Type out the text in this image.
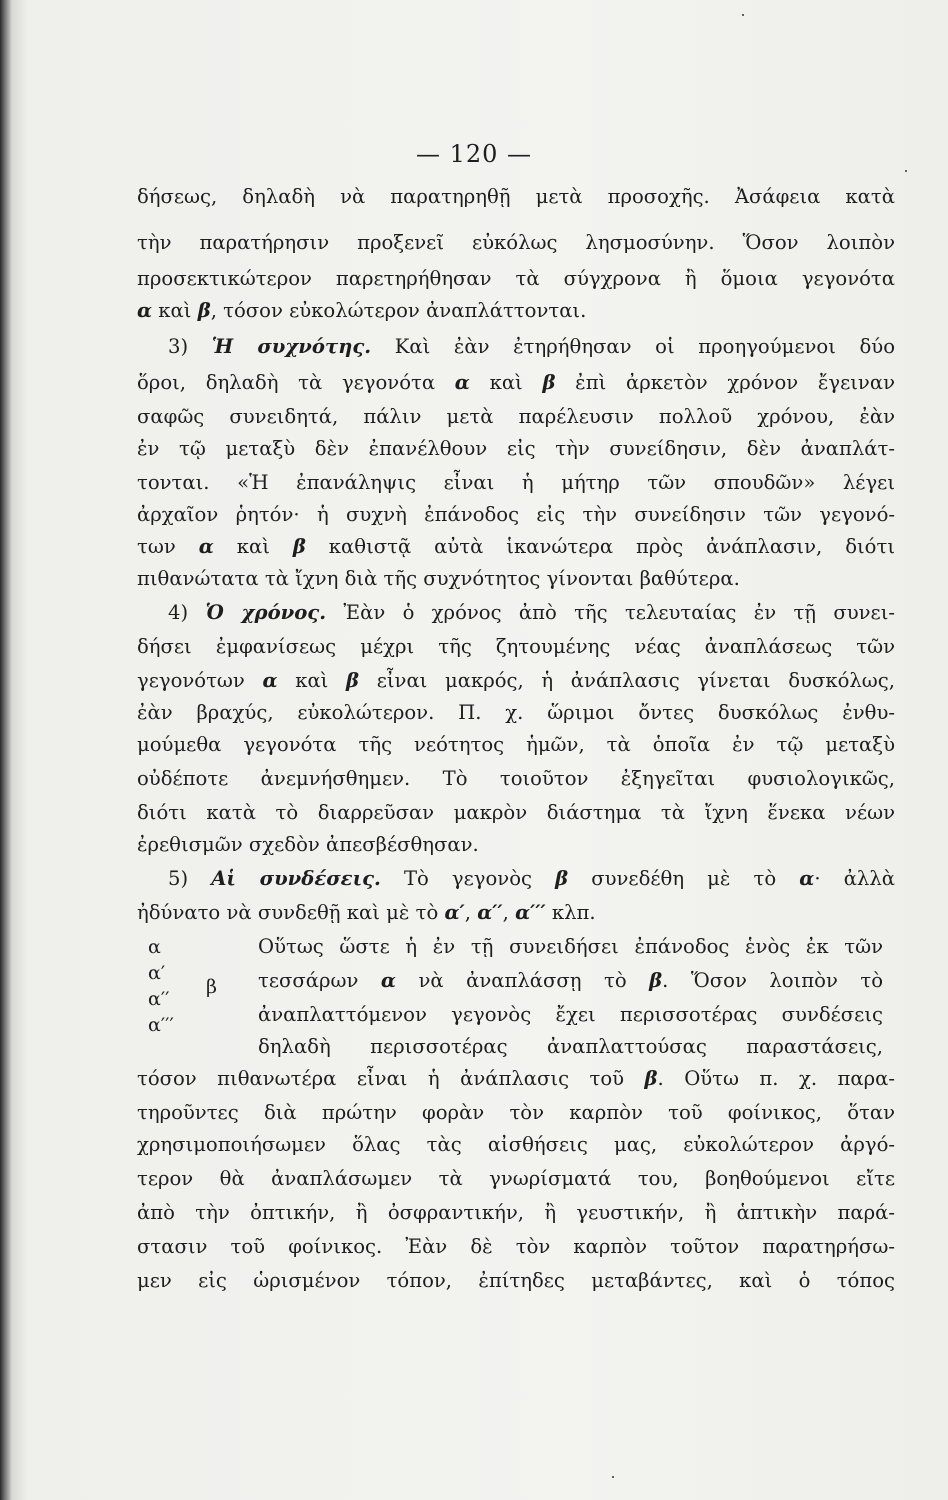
— 120 —
δήσεως, δηλαδὴ νὰ παρατηρηθῇ μετὰ προσοχῆς. Ἀσάφεια κατὰ
τὴν παρατήρησιν προξενεῖ εὐκόλως λησμοσύνην. Ὅσον λοιπὸν
προσεκτικώτερον παρετηρήθησαν τὰ σύγχρονα ἢ ὅμοια γεγονότα
α καὶ β, τόσον εὐκολώτερον ἀναπλάττονται.
3) Ἡ συχνότης. Καὶ ἐὰν ἐτηρήθησαν οἱ προηγούμενοι δύο
ὅροι, δηλαδὴ τὰ γεγονότα α καὶ β ἐπὶ ἀρκετὸν χρόνον ἔγειναν
σαφῶς συνειδητά, πάλιν μετὰ παρέλευσιν πολλοῦ χρόνου, ἐὰν
ἐν τῷ μεταξὺ δὲν ἐπανέλθουν εἰς τὴν συνείδησιν, δὲν ἀναπλάτ-
τονται. «Ἡ ἐπανάληψις εἶναι ἡ μήτηρ τῶν σπουδῶν» λέγει
ἀρχαῖον ῥητόν· ἡ συχνὴ ἐπάνοδος εἰς τὴν συνείδησιν τῶν γεγονό-
των α καὶ β καθιστᾷ αὐτὰ ἱκανώτερα πρὸς ἀνάπλασιν, διότι
πιθανώτατα τὰ ἴχνη διὰ τῆς συχνότητος γίνονται βαθύτερα.
4) Ὁ χρόνος. Ἐὰν ὁ χρόνος ἀπὸ τῆς τελευταίας ἐν τῇ συνει-
δήσει ἐμφανίσεως μέχρι τῆς ζητουμένης νέας ἀναπλάσεως τῶν
γεγονότων α καὶ β εἶναι μακρός, ἡ ἀνάπλασις γίνεται δυσκόλως,
ἐὰν βραχύς, εὐκολώτερον. Π. χ. ὥριμοι ὄντες δυσκόλως ἐνθυ-
μούμεθα γεγονότα τῆς νεότητος ἡμῶν, τὰ ὁποῖα ἐν τῷ μεταξὺ
οὐδέποτε ἀνεμνήσθημεν. Τὸ τοιοῦτον ἐξηγεῖται φυσιολογικῶς,
διότι κατὰ τὸ διαρρεῦσαν μακρὸν διάστημα τὰ ἴχνη ἕνεκα νέων
ἐρεθισμῶν σχεδὸν ἀπεσβέσθησαν.
5) Αἱ συνδέσεις. Τὸ γεγονὸς β συνεδέθη μὲ τὸ α· ἀλλὰ
ἠδύνατο νὰ συνδεθῇ καὶ μὲ τὸ α′, α′′, α′′′ κλπ.
α
α′
α′′
α′′′
β
Οὕτως ὥστε ἡ ἐν τῇ συνειδήσει ἐπάνοδος ἑνὸς ἐκ τῶν
τεσσάρων α νὰ ἀναπλάσσῃ τὸ β. Ὅσον λοιπὸν τὸ
ἀναπλαττόμενον γεγονὸς ἔχει περισσοτέρας συνδέσεις
δηλαδὴ περισσοτέρας ἀναπλαττούσας παραστάσεις,
τόσον πιθανωτέρα εἶναι ἡ ἀνάπλασις τοῦ β. Οὕτω π. χ. παρα-
τηροῦντες διὰ πρώτην φορὰν τὸν καρπὸν τοῦ φοίνικος, ὅταν
χρησιμοποιήσωμεν ὅλας τὰς αἰσθήσεις μας, εὐκολώτερον ἀργό-
τερον θὰ ἀναπλάσωμεν τὰ γνωρίσματά του, βοηθούμενοι εἴτε
ἀπὸ τὴν ὀπτικήν, ἢ ὀσφραντικήν, ἢ γευστικήν, ἢ ἁπτικὴν παρά-
στασιν τοῦ φοίνικος. Ἐὰν δὲ τὸν καρπὸν τοῦτον παρατηρήσω-
μεν εἰς ὡρισμένον τόπον, ἐπίτηδες μεταβάντες, καὶ ὁ τόπος
